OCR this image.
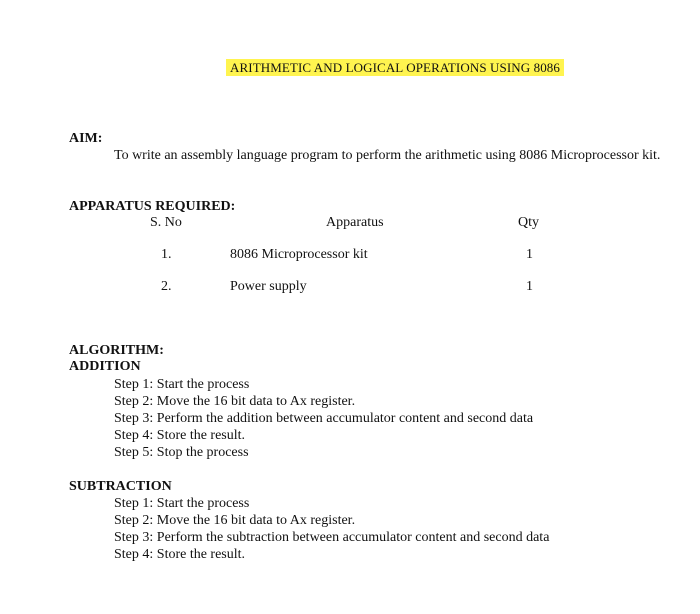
ARITHMETIC AND LOGICAL OPERATIONS USING 8086
AIM:
To write an assembly language program to perform the arithmetic using 8086 Microprocessor kit.
APPARATUS REQUIRED:
S. No	Apparatus	Qty
1.	8086 Microprocessor kit	1
2.	Power supply	1
ALGORITHM:
ADDITION
Step 1: Start the process
Step 2: Move the 16 bit data to Ax register.
Step 3: Perform the addition between accumulator content and second data
Step 4: Store the result.
Step 5: Stop the process
SUBTRACTION
Step 1: Start the process
Step 2: Move the 16 bit data to Ax register.
Step 3: Perform the subtraction between accumulator content and second data
Step 4: Store the result.
